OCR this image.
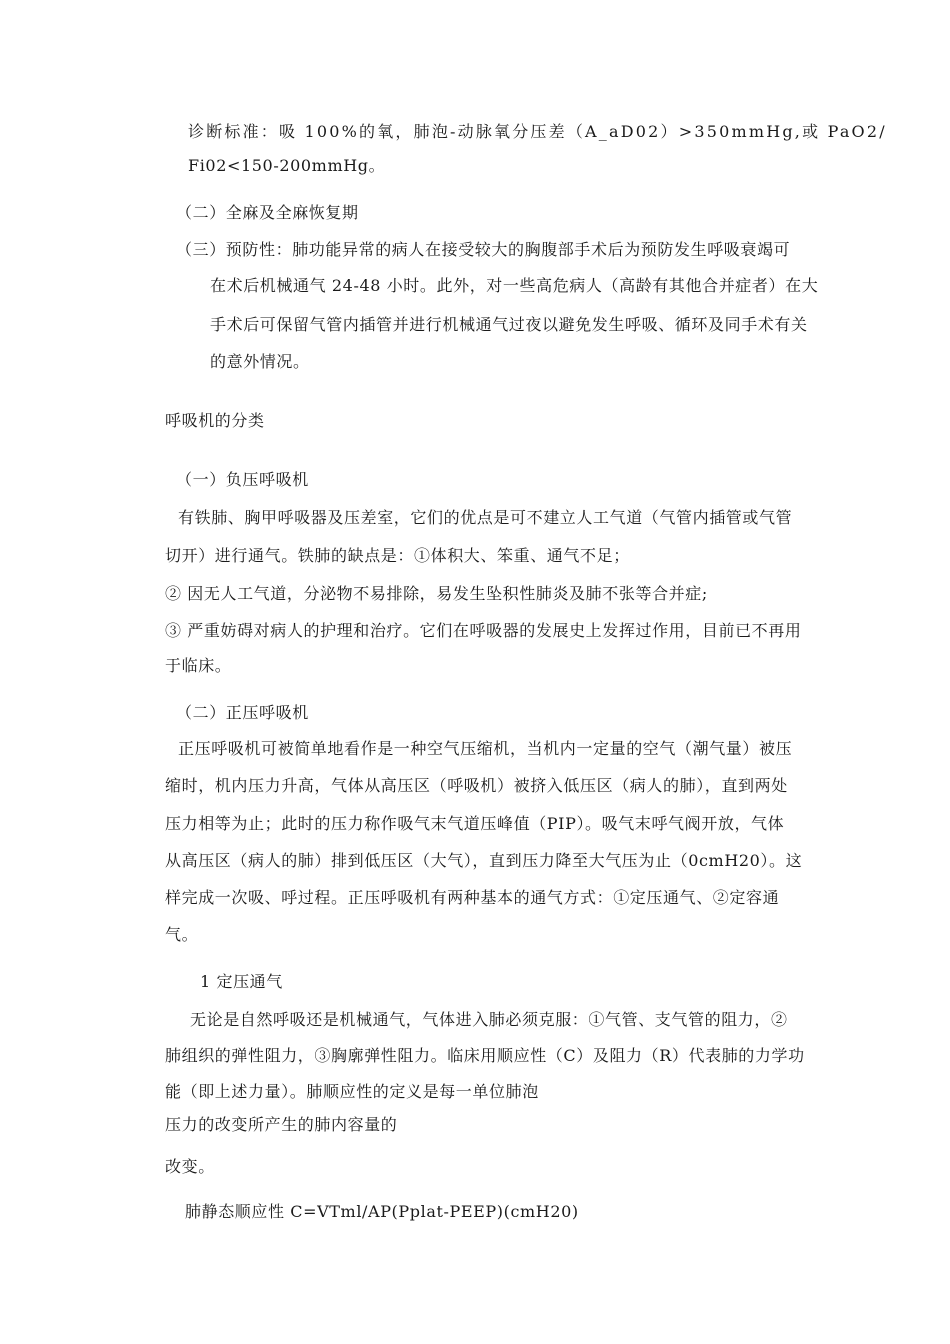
诊断标准：吸 100%的氧，肺泡-动脉氧分压差（A_aD02）>350mmHg,或 PaO2/
Fi02<150-200mmHg。
（二）全麻及全麻恢复期
（三）预防性：肺功能异常的病人在接受较大的胸腹部手术后为预防发生呼吸衰竭可
在术后机械通气 24-48 小时。此外，对一些高危病人（高龄有其他合并症者）在大
手术后可保留气管内插管并进行机械通气过夜以避免发生呼吸、循环及同手术有关
的意外情况。
呼吸机的分类
（一）负压呼吸机
有铁肺、胸甲呼吸器及压差室，它们的优点是可不建立人工气道（气管内插管或气管
切开）进行通气。铁肺的缺点是：①体积大、笨重、通气不足；
② 因无人工气道，分泌物不易排除，易发生坠积性肺炎及肺不张等合并症;
③ 严重妨碍对病人的护理和治疗。它们在呼吸器的发展史上发挥过作用，目前已不再用
于临床。
（二）正压呼吸机
正压呼吸机可被简单地看作是一种空气压缩机，当机内一定量的空气（潮气量）被压
缩时，机内压力升高，气体从高压区（呼吸机）被挤入低压区（病人的肺），直到两处
压力相等为止；此时的压力称作吸气末气道压峰值（PIP）。吸气末呼气阀开放，气体
从高压区（病人的肺）排到低压区（大气），直到压力降至大气压为止（0cmH20）。这
样完成一次吸、呼过程。正压呼吸机有两种基本的通气方式：①定压通气、②定容通
气。
1 定压通气
无论是自然呼吸还是机械通气，气体进入肺必须克服：①气管、支气管的阻力，②
肺组织的弹性阻力，③胸廓弹性阻力。临床用顺应性（C）及阻力（R）代表肺的力学功
能（即上述力量）。肺顺应性的定义是每一单位肺泡
压力的改变所产生的肺内容量的
改变。
肺静态顺应性 C=VTml/AP(Pplat-PEEP)(cmH20)
